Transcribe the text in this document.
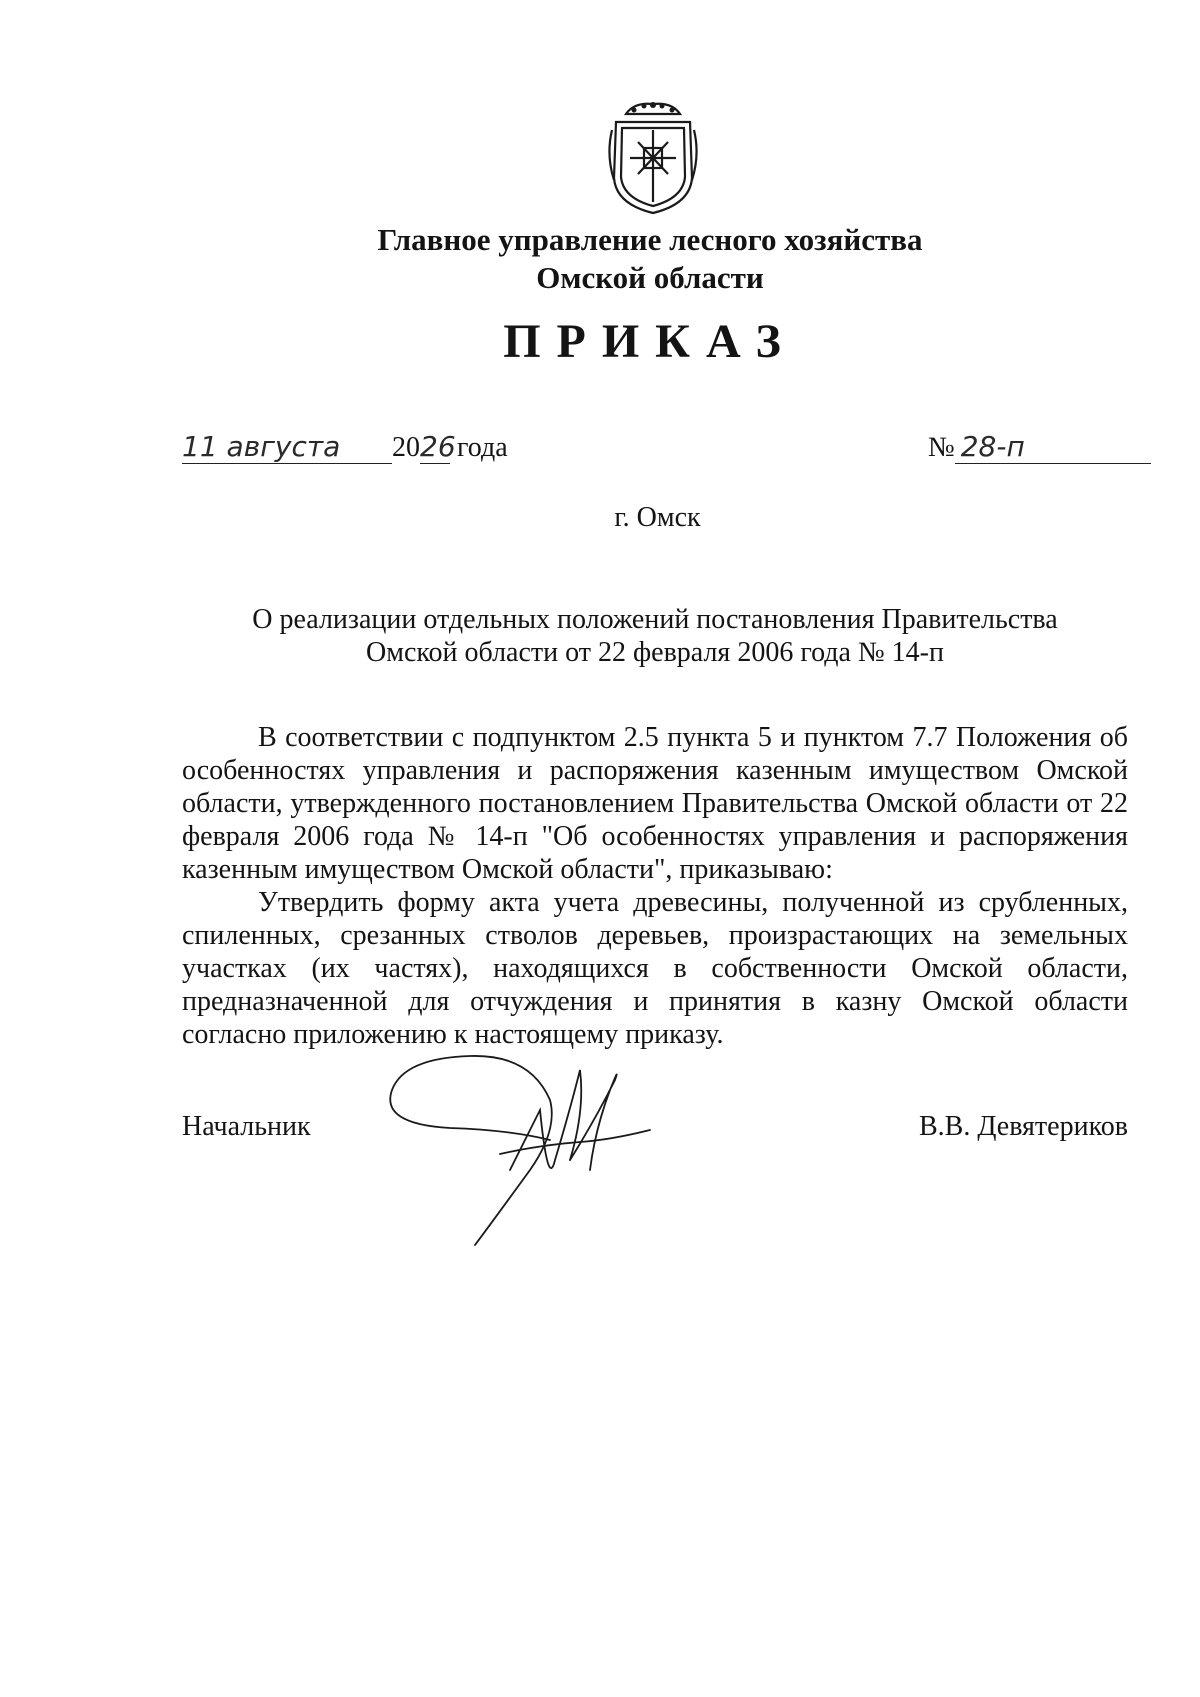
Главное управление лесного хозяйства
Омской области
ПРИКАЗ
11 августа 2026 года	№ 28-п
г. Омск
О реализации отдельных положений постановления Правительства
Омской области от 22 февраля 2006 года № 14-п

В соответствии с подпунктом 2.5 пункта 5 и пунктом 7.7 Положения об особенностях управления и распоряжения казенным имуществом Омской области, утвержденного постановлением Правительства Омской области от 22 февраля 2006 года № 14-п "Об особенностях управления и распоряжения казенным имуществом Омской области", приказываю:

Утвердить форму акта учета древесины, полученной из срубленных, спиленных, срезанных стволов деревьев, произрастающих на земельных участках (их частях), находящихся в собственности Омской области, предназначенной для отчуждения и принятия в казну Омской области согласно приложению к настоящему приказу.

Начальник	В.В. Девятериков
